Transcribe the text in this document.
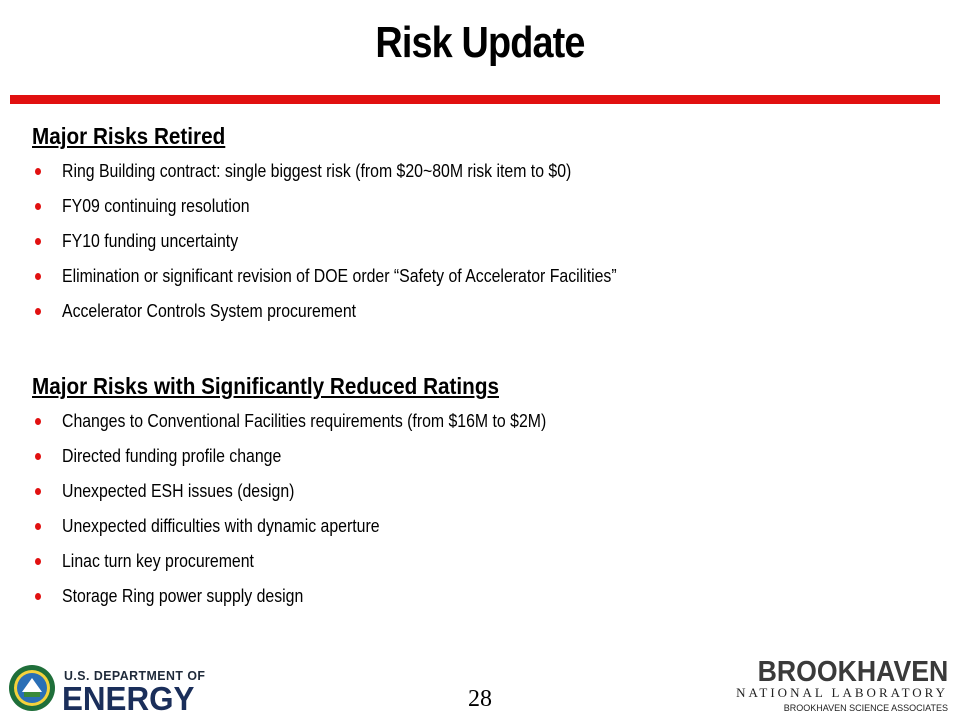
Risk Update
Major Risks Retired
Ring Building contract: single biggest risk (from $20~80M risk item to $0)
FY09 continuing resolution
FY10 funding uncertainty
Elimination or significant revision of DOE order “Safety of Accelerator Facilities”
Accelerator Controls System procurement
Major Risks with Significantly Reduced Ratings
Changes to Conventional Facilities requirements (from $16M to $2M)
Directed funding profile change
Unexpected ESH issues (design)
Unexpected difficulties with dynamic aperture
Linac turn key procurement
Storage Ring power supply design
U.S. DEPARTMENT OF
ENERGY	28
BROOKHAVEN
NATIONAL LABORATORY
BROOKHAVEN SCIENCE ASSOCIATES
